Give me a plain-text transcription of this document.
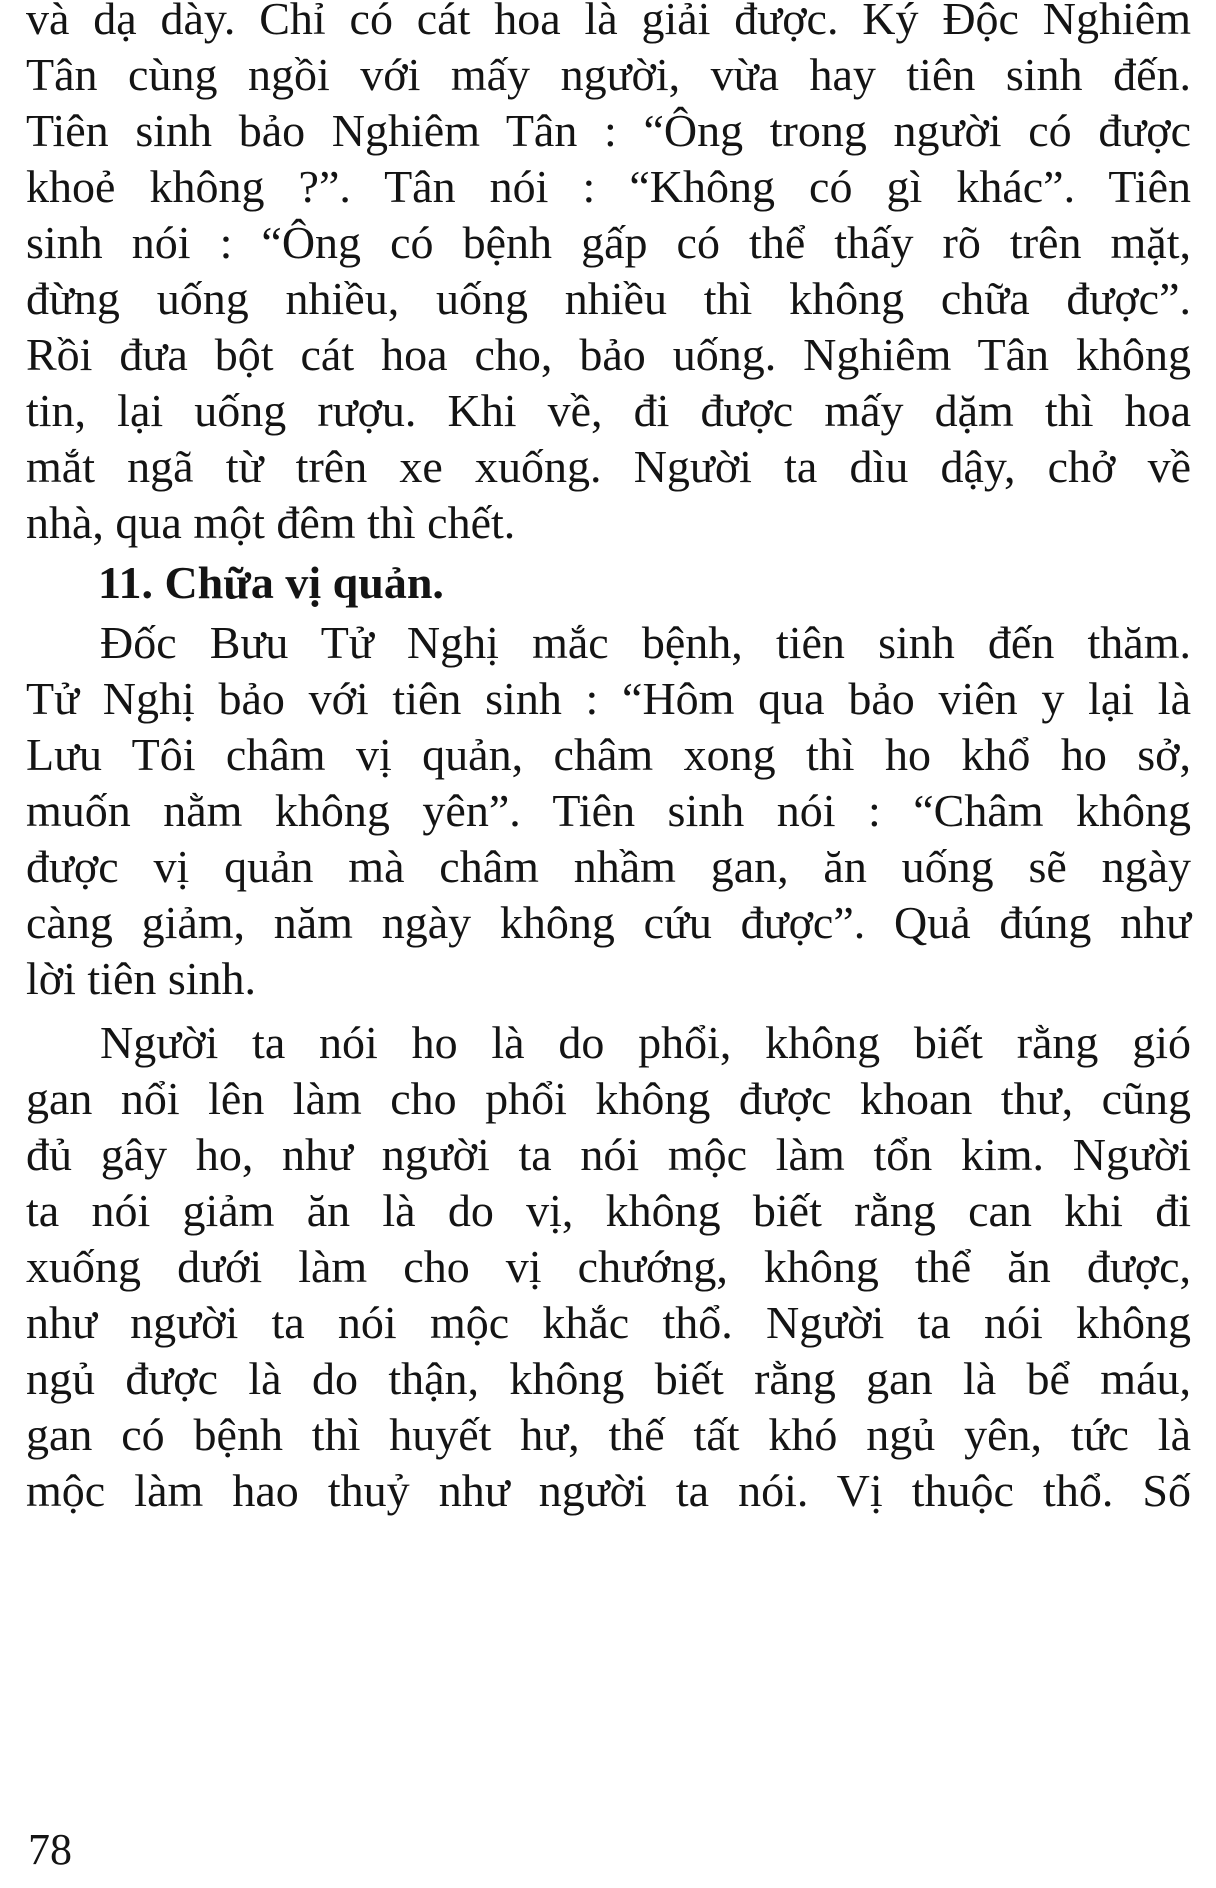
và dạ dày. Chỉ có cát hoa là giải được. Ký Độc Nghiêm
Tân cùng ngồi với mấy người, vừa hay tiên sinh đến.
Tiên sinh bảo Nghiêm Tân : “Ông trong người có được
khoẻ không ?”. Tân nói : “Không có gì khác”. Tiên
sinh nói : “Ông có bệnh gấp có thể thấy rõ trên mặt,
đừng uống nhiều, uống nhiều thì không chữa được”.
Rồi đưa bột cát hoa cho, bảo uống. Nghiêm Tân không
tin, lại uống rượu. Khi về, đi được mấy dặm thì hoa
mắt ngã từ trên xe xuống. Người ta dìu dậy, chở về
nhà, qua một đêm thì chết.
11. Chữa vị quản.
Đốc Bưu Tử Nghị mắc bệnh, tiên sinh đến thăm.
Tử Nghị bảo với tiên sinh : “Hôm qua bảo viên y lại là
Lưu Tôi châm vị quản, châm xong thì ho khổ ho sở,
muốn nằm không yên”. Tiên sinh nói : “Châm không
được vị quản mà châm nhầm gan, ăn uống sẽ ngày
càng giảm, năm ngày không cứu được”. Quả đúng như
lời tiên sinh.
Người ta nói ho là do phổi, không biết rằng gió
gan nổi lên làm cho phổi không được khoan thư, cũng
đủ gây ho, như người ta nói mộc làm tổn kim. Người
ta nói giảm ăn là do vị, không biết rằng can khi đi
xuống dưới làm cho vị chướng, không thể ăn được,
như người ta nói mộc khắc thổ. Người ta nói không
ngủ được là do thận, không biết rằng gan là bể máu,
gan có bệnh thì huyết hư, thế tất khó ngủ yên, tức là
mộc làm hao thuỷ như người ta nói. Vị thuộc thổ. Số
78
